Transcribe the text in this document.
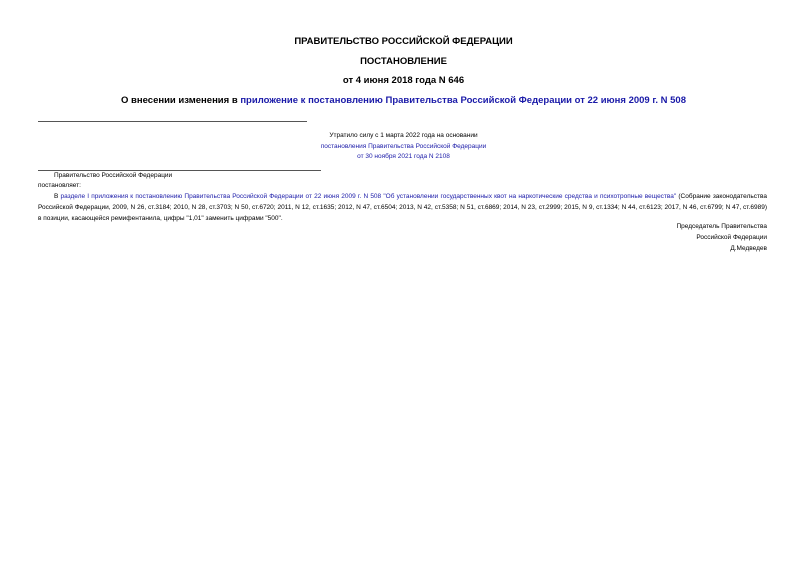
ПРАВИТЕЛЬСТВО РОССИЙСКОЙ ФЕДЕРАЦИИ
ПОСТАНОВЛЕНИЕ
от 4 июня 2018 года N 646
О внесении изменения в приложение к постановлению Правительства Российской Федерации от 22 июня 2009 г. N 508
Утратило силу с 1 марта 2022 года на основании
постановления Правительства Российской Федерации
от 30 ноября 2021 года N 2108
Правительство Российской Федерации
постановляет:
В разделе I приложения к постановлению Правительства Российской Федерации от 22 июня 2009 г. N 508 "Об установлении государственных квот на наркотические средства и психотропные вещества" (Собрание законодательства Российской Федерации, 2009, N 26, ст.3184; 2010, N 28, ст.3703; N 50, ст.6720; 2011, N 12, ст.1635; 2012, N 47, ст.6504; 2013, N 42, ст.5358; N 51, ст.6869; 2014, N 23, ст.2999; 2015, N 9, ст.1334; N 44, ст.6123; 2017, N 46, ст.6799; N 47, ст.6989) в позиции, касающейся ремифентанила, цифры "1,01" заменить цифрами "500".
Председатель Правительства
Российской Федерации
Д.Медведев
